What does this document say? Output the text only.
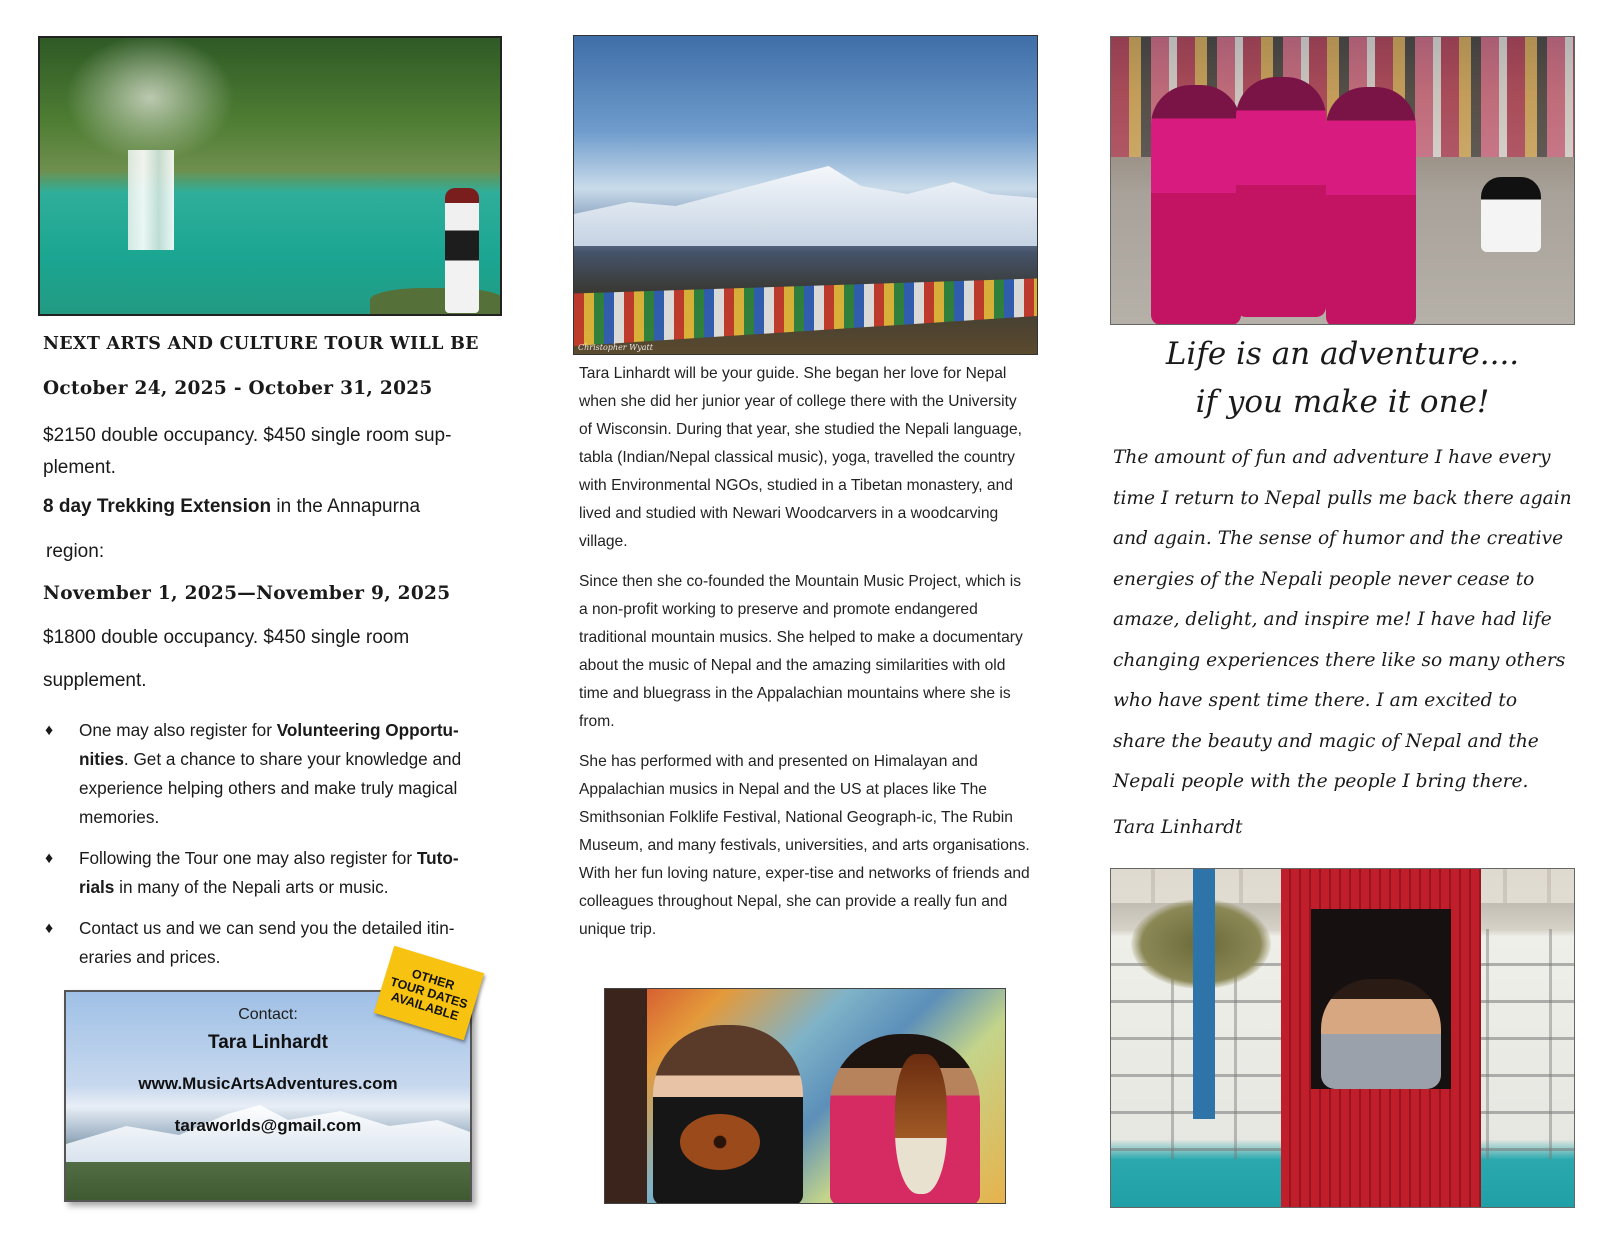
NEXT ARTS AND CULTURE TOUR WILL BE
October 24, 2025 - October 31, 2025
$2150 double occupancy. $450 single room sup-plement.
8 day Trekking Extension in the Annapurna
region:
November 1, 2025—November 9, 2025
$1800 double occupancy. $450 single room
supplement.
♦ One may also register for Volunteering Opportu-nities. Get a chance to share your knowledge and experience helping others and make truly magical memories.
♦ Following the Tour one may also register for Tuto-rials in many of the Nepali arts or music.
♦ Contact us and we can send you the detailed itin-eraries and prices.
Contact:
Tara Linhardt
www.MusicArtsAdventures.com
taraworlds@gmail.com
OTHER
TOUR DATES
AVAILABLE
Christopher Wyatt

Tara Linhardt will be your guide. She began her love for Nepal when she did her junior year of college there with the University of Wisconsin. During that year, she studied the Nepali language, tabla (Indian/Nepal classical music), yoga, travelled the country with Environmental NGOs, studied in a Tibetan monastery, and lived and studied with Newari Woodcarvers in a woodcarving village.

Since then she co-founded the Mountain Music Project, which is a non-profit working to preserve and promote endangered traditional mountain musics. She helped to make a documentary about the music of Nepal and the amazing similarities with old time and bluegrass in the Appalachian mountains where she is from.

She has performed with and presented on Himalayan and Appalachian musics in Nepal and the US at places like The Smithsonian Folklife Festival, National Geograph-ic, The Rubin Museum, and many festivals, universities, and arts organisations. With her fun loving nature, exper-tise and networks of friends and colleagues throughout Nepal, she can provide a really fun and unique trip.

Life is an adventure....
if you make it one!
The amount of fun and adventure I have every time I return to Nepal pulls me back there again and again. The sense of humor and the creative energies of the Nepali people never cease to amaze, delight, and inspire me! I have had life changing experiences there like so many others who have spent time there. I am excited to share the beauty and magic of Nepal and the Nepali people with the people I bring there.
Tara Linhardt
